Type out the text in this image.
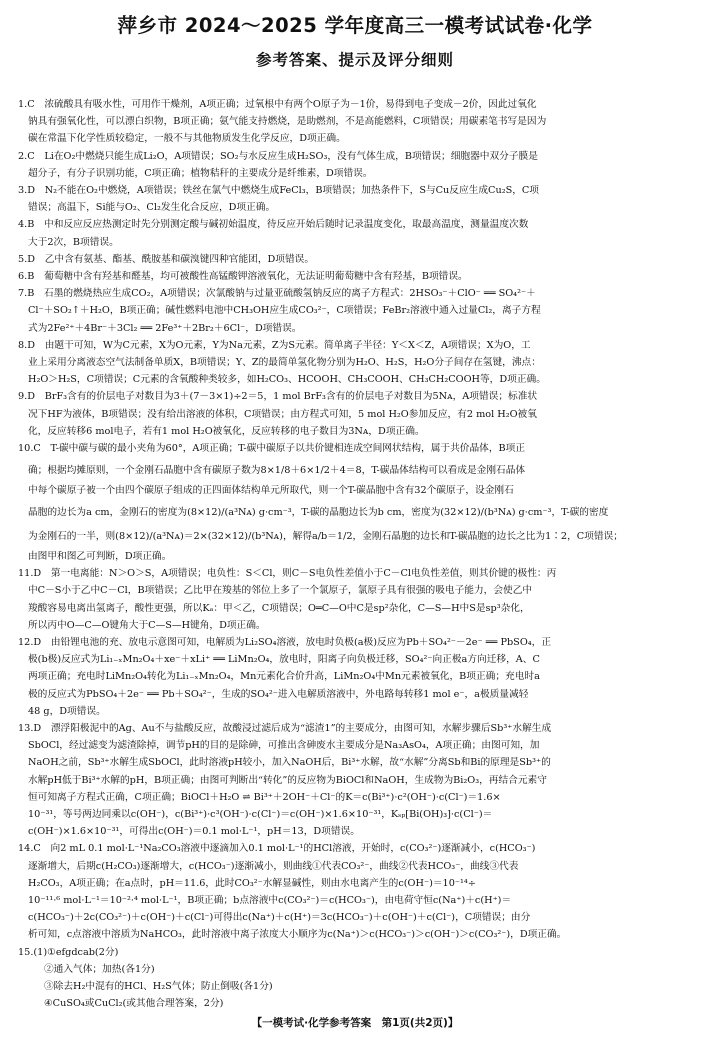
萍乡市 2024～2025 学年度高三一模考试试卷·化学
参考答案、提示及评分细则
1.C　浓硫酸具有吸水性，可用作干燥剂，A项正确；过氧根中有两个O原子为－1价，易得到电子变成－2价，因此过氧化
钠具有强氧化性，可以漂白织物，B项正确；氨气能支持燃烧，是助燃剂，不是高能燃料，C项错误；用碳素笔书写是因为
碳在常温下化学性质较稳定，一般不与其他物质发生化学反应，D项正确。
2.C　Li在O₂中燃烧只能生成Li₂O，A项错误；SO₂与水反应生成H₂SO₃，没有气体生成，B项错误；细胞器中双分子膜是
超分子，有分子识别功能，C项正确；植物秸秆的主要成分是纤维素，D项错误。
3.D　N₂不能在O₂中燃烧，A项错误；铁丝在氯气中燃烧生成FeCl₃，B项错误；加热条件下，S与Cu反应生成Cu₂S，C项
错误；高温下，Si能与O₂、Cl₂发生化合反应，D项正确。
4.B　中和反应反应热测定时先分别测定酸与碱初始温度，待反应开始后随时记录温度变化，取最高温度，测量温度次数
大于2次，B项错误。
5.D　乙中含有氨基、酯基、酰胺基和碳溴键四种官能团，D项错误。
6.B　葡萄糖中含有羟基和醛基，均可被酸性高锰酸钾溶液氧化，无法证明葡萄糖中含有羟基，B项错误。
7.B　石墨的燃烧热应生成CO₂，A项错误；次氯酸钠与过量亚硫酸氢钠反应的离子方程式：2HSO₃⁻＋ClO⁻ ══ SO₄²⁻＋
Cl⁻＋SO₂↑＋H₂O，B项正确；碱性燃料电池中CH₃OH应生成CO₃²⁻，C项错误；FeBr₂溶液中通入过量Cl₂，离子方程
式为2Fe²⁺＋4Br⁻＋3Cl₂ ══ 2Fe³⁺＋2Br₂＋6Cl⁻，D项错误。
8.D　由题干可知，W为C元素，X为O元素，Y为Na元素，Z为S元素。简单离子半径：Y＜X＜Z，A项错误；X为O，工
业上采用分离液态空气法制备单质X，B项错误；Y、Z的最简单氢化物分别为H₂O、H₂S，H₂O分子间存在氢键，沸点：
H₂O＞H₂S，C项错误；C元素的含氧酸种类较多，如H₂CO₃、HCOOH、CH₃COOH、CH₃CH₂COOH等，D项正确。
9.D　BrF₃含有的价层电子对数目为3＋(7－3×1)÷2＝5，1 mol BrF₃含有的价层电子对数目为5Nᴀ，A项错误；标准状
况下HF为液体，B项错误；没有给出溶液的体积，C项错误；由方程式可知，5 mol H₂O参加反应，有2 mol H₂O被氧
化，反应转移6 mol电子，若有1 mol H₂O被氧化，反应转移的电子数目为3Nᴀ，D项正确。
10.C　T-碳中碳与碳的最小夹角为60°，A项正确；T-碳中碳原子以共价键相连成空间网状结构，属于共价晶体，B项正
确；根据均摊原则，一个金刚石晶胞中含有碳原子数为8×1/8＋6×1/2＋4＝8，T-碳晶体结构可以看成是金刚石晶体
中每个碳原子被一个由四个碳原子组成的正四面体结构单元所取代，则一个T-碳晶胞中含有32个碳原子，设金刚石
晶胞的边长为a cm，金刚石的密度为(8×12)/(a³Nᴀ) g·cm⁻³，T-碳的晶胞边长为b cm，密度为(32×12)/(b³Nᴀ) g·cm⁻³，T-碳的密度
为金刚石的一半，则(8×12)/(a³Nᴀ)＝2×(32×12)/(b³Nᴀ)，解得a/b＝1/2，金刚石晶胞的边长和T-碳晶胞的边长之比为1∶2，C项错误；
由图甲和图乙可判断，D项正确。
11.D　第一电离能：N＞O＞S，A项错误；电负性：S＜Cl，则C－S电负性差值小于C－Cl电负性差值，则其价键的极性：丙
中C－S小于乙中C－Cl，B项错误；乙比甲在羧基的邻位上多了一个氯原子，氯原子具有很强的吸电子能力，会使乙中
羧酸容易电离出氢离子，酸性更强，所以Kₐ：甲＜乙，C项错误；O═C—O中C是sp²杂化，C—S—H中S是sp³杂化，
所以丙中O—C—O键角大于C—S—H键角，D项正确。
12.D　由铅锂电池的充、放电示意图可知，电解质为Li₂SO₄溶液，放电时负极(a极)反应为Pb＋SO₄²⁻－2e⁻ ══ PbSO₄，正
极(b极)反应式为Li₁₋ₓMn₂O₄＋xe⁻＋xLi⁺ ══ LiMn₂O₄，放电时，阳离子向负极迁移，SO₄²⁻向正极a方向迁移，A、C
两项正确；充电时LiMn₂O₄转化为Li₁₋ₓMn₂O₄，Mn元素化合价升高，LiMn₂O₄中Mn元素被氧化，B项正确；充电时a
极的反应式为PbSO₄＋2e⁻ ══ Pb＋SO₄²⁻，生成的SO₄²⁻进入电解质溶液中，外电路每转移1 mol e⁻，a极质量减轻
48 g，D项错误。
13.D　漂浮阳极泥中的Ag、Au不与盐酸反应，故酸浸过滤后成为“滤渣1”的主要成分，由图可知，水解步骤后Sb³⁺水解生成
SbOCl，经过滤变为滤渣除掉，调节pH的目的是除砷，可推出含砷废水主要成分是Na₃AsO₄，A项正确；由图可知，加
NaOH之前，Sb³⁺水解生成SbOCl，此时溶液pH较小，加入NaOH后，Bi³⁺水解，故“水解”分离Sb和Bi的原理是Sb³⁺的
水解pH低于Bi³⁺水解的pH，B项正确；由图可判断出“转化”的反应物为BiOCl和NaOH，生成物为Bi₂O₃，再结合元素守
恒可知离子方程式正确，C项正确；BiOCl＋H₂O ⇌ Bi³⁺＋2OH⁻＋Cl⁻的K＝c(Bi³⁺)·c²(OH⁻)·c(Cl⁻)＝1.6×
10⁻³¹，等号两边同乘以c(OH⁻)，c(Bi³⁺)·c³(OH⁻)·c(Cl⁻)＝c(OH⁻)×1.6×10⁻³¹，Kₛₚ[Bi(OH)₃]·c(Cl⁻)＝
c(OH⁻)×1.6×10⁻³¹，可得出c(OH⁻)＝0.1 mol·L⁻¹，pH＝13，D项错误。
14.C　向2 mL 0.1 mol·L⁻¹Na₂CO₃溶液中逐滴加入0.1 mol·L⁻¹的HCl溶液，开始时，c(CO₃²⁻)逐渐减小，c(HCO₃⁻)
逐渐增大，后期c(H₂CO₃)逐渐增大，c(HCO₃⁻)逐渐减小，则曲线①代表CO₃²⁻，曲线②代表HCO₃⁻，曲线③代表
H₂CO₃，A项正确；在a点时，pH＝11.6，此时CO₃²⁻水解显碱性，则由水电离产生的c(OH⁻)＝10⁻¹⁴÷
10⁻¹¹·⁶ mol·L⁻¹＝10⁻²·⁴ mol·L⁻¹，B项正确；b点溶液中c(CO₃²⁻)＝c(HCO₃⁻)，由电荷守恒c(Na⁺)＋c(H⁺)＝
c(HCO₃⁻)＋2c(CO₃²⁻)＋c(OH⁻)＋c(Cl⁻)可得出c(Na⁺)＋c(H⁺)＝3c(HCO₃⁻)＋c(OH⁻)＋c(Cl⁻)，C项错误；由分
析可知，c点溶液中溶质为NaHCO₃，此时溶液中离子浓度大小顺序为c(Na⁺)＞c(HCO₃⁻)＞c(OH⁻)＞c(CO₃²⁻)，D项正确。
15.(1)①efgdcab(2分)
②通入气体；加热(各1分)
③除去H₂中混有的HCl、H₂S气体；防止倒吸(各1分)
④CuSO₄或CuCl₂(或其他合理答案，2分)
【一模考试·化学参考答案　第1页(共2页)】
